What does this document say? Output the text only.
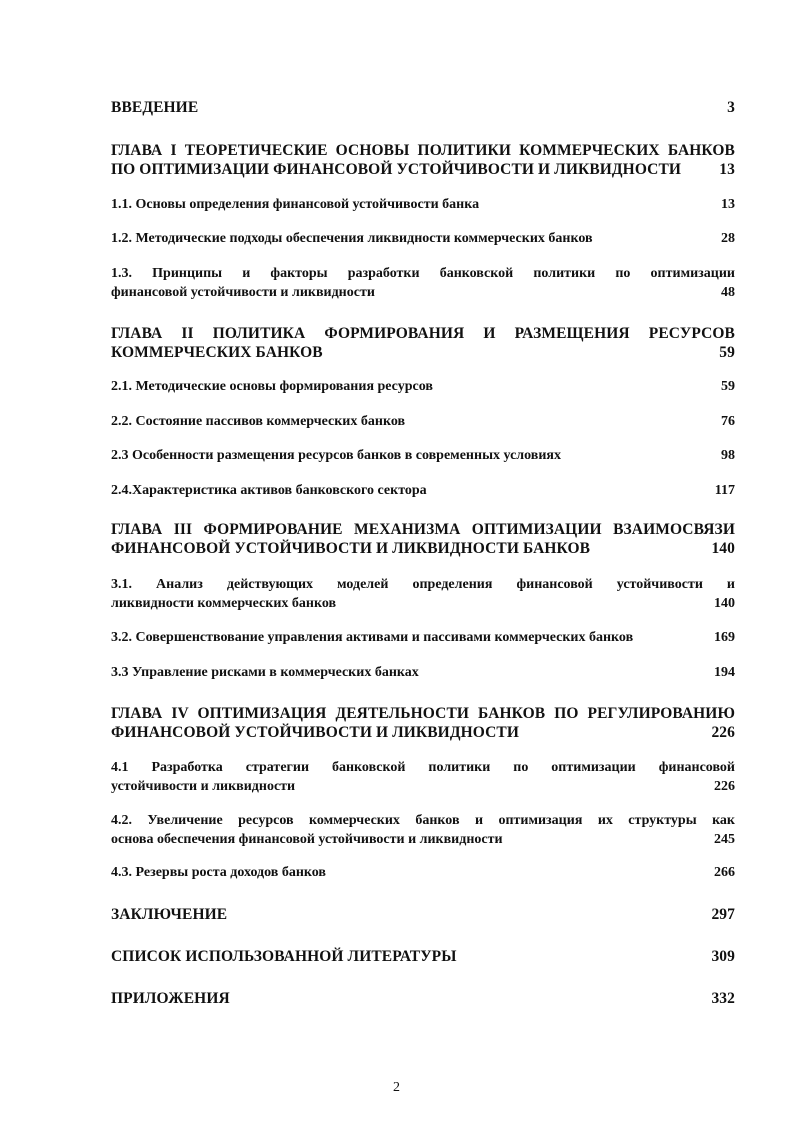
ВВЕДЕНИЕ	3
ГЛАВА I ТЕОРЕТИЧЕСКИЕ ОСНОВЫ ПОЛИТИКИ КОММЕРЧЕСКИХ БАНКОВ
ПО ОПТИМИЗАЦИИ ФИНАНСОВОЙ УСТОЙЧИВОСТИ И ЛИКВИДНОСТИ	13
1.1. Основы определения финансовой устойчивости банка	13
1.2. Методические подходы обеспечения ликвидности коммерческих банков	28
1.3. Принципы и факторы разработки банковской политики по оптимизации
финансовой устойчивости и ликвидности	48
ГЛАВА II ПОЛИТИКА ФОРМИРОВАНИЯ И РАЗМЕЩЕНИЯ РЕСУРСОВ
КОММЕРЧЕСКИХ БАНКОВ	59
2.1. Методические основы формирования ресурсов	59
2.2. Состояние пассивов коммерческих банков	76
2.3 Особенности размещения ресурсов банков в современных условиях	98
2.4.Характеристика активов банковского сектора	117
ГЛАВА III ФОРМИРОВАНИЕ МЕХАНИЗМА ОПТИМИЗАЦИИ ВЗАИМОСВЯЗИ
ФИНАНСОВОЙ УСТОЙЧИВОСТИ И ЛИКВИДНОСТИ БАНКОВ	140
3.1. Анализ действующих моделей определения финансовой устойчивости и
ликвидности коммерческих банков	140
3.2. Совершенствование управления активами и пассивами коммерческих банков	169
3.3 Управление рисками в коммерческих банках	194
ГЛАВА IV ОПТИМИЗАЦИЯ ДЕЯТЕЛЬНОСТИ БАНКОВ ПО РЕГУЛИРОВАНИЮ
ФИНАНСОВОЙ УСТОЙЧИВОСТИ И ЛИКВИДНОСТИ	226
4.1 Разработка стратегии банковской политики по оптимизации финансовой
устойчивости и ликвидности	226
4.2. Увеличение ресурсов коммерческих банков и оптимизация их структуры как
основа обеспечения финансовой устойчивости и ликвидности	245
4.3. Резервы роста доходов банков	266
ЗАКЛЮЧЕНИЕ	297
СПИСОК ИСПОЛЬЗОВАННОЙ ЛИТЕРАТУРЫ	309
ПРИЛОЖЕНИЯ	332
2
